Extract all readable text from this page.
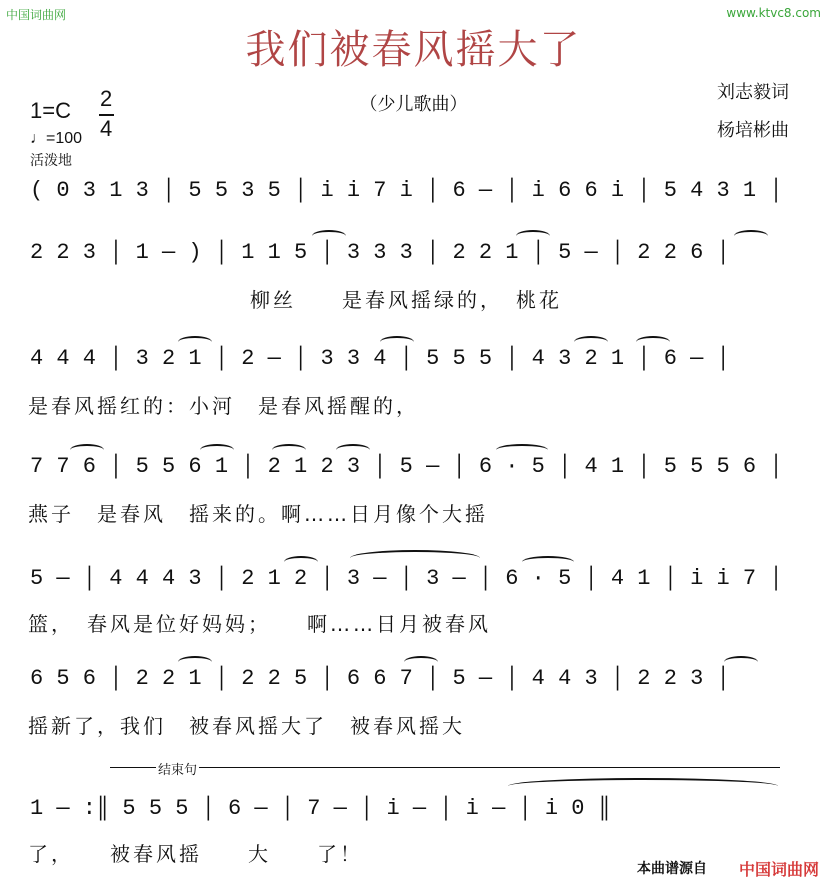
中国词曲网	www.ktvc8.com
我们被春风摇大了
（少儿歌曲）
刘志毅词
杨培彬曲
1=C 2
4
♩=100
活泼地
( 0 3 1 3 │ 5 5 3 5 │ i i 7 i │ 6 — │ i 6 6 i │ 5 4 3 1 │
2 2 3 │ 1 — ) │ 1 1 5 │ 3 3 3 │ 2 2 1 │ 5 — │ 2 2 6 │
柳丝　　是春风摇绿的，　桃花
4 4 4 │ 3 2 1 │ 2 — │ 3 3 4 │ 5 5 5 │ 4 3 2 1 │ 6 — │
是春风摇红的：小河　是春风摇醒的，
7 7 6 │ 5 5 6 1 │ 2 1 2 3 │ 5 — │ 6 · 5 │ 4 1 │ 5 5 5 6 │
燕子　是春风　摇来的。啊……日月像个大摇
5 — │ 4 4 4 3 │ 2 1 2 │ 3 — │ 3 — │ 6 · 5 │ 4 1 │ i i 7 │
篮，　春风是位好妈妈；　　啊……日月被春风
6 5 6 │ 2 2 1 │ 2 2 5 │ 6 6 7 │ 5 — │ 4 4 3 │ 2 2 3 │
摇新了，我们　被春风摇大了　被春风摇大
结束句
1 — :║ 5 5 5 │ 6 — │ 7 — │ i — │ i — │ i 0 ║
了，　　被春风摇　　大　　了！
本曲谱源自 中国词曲网
